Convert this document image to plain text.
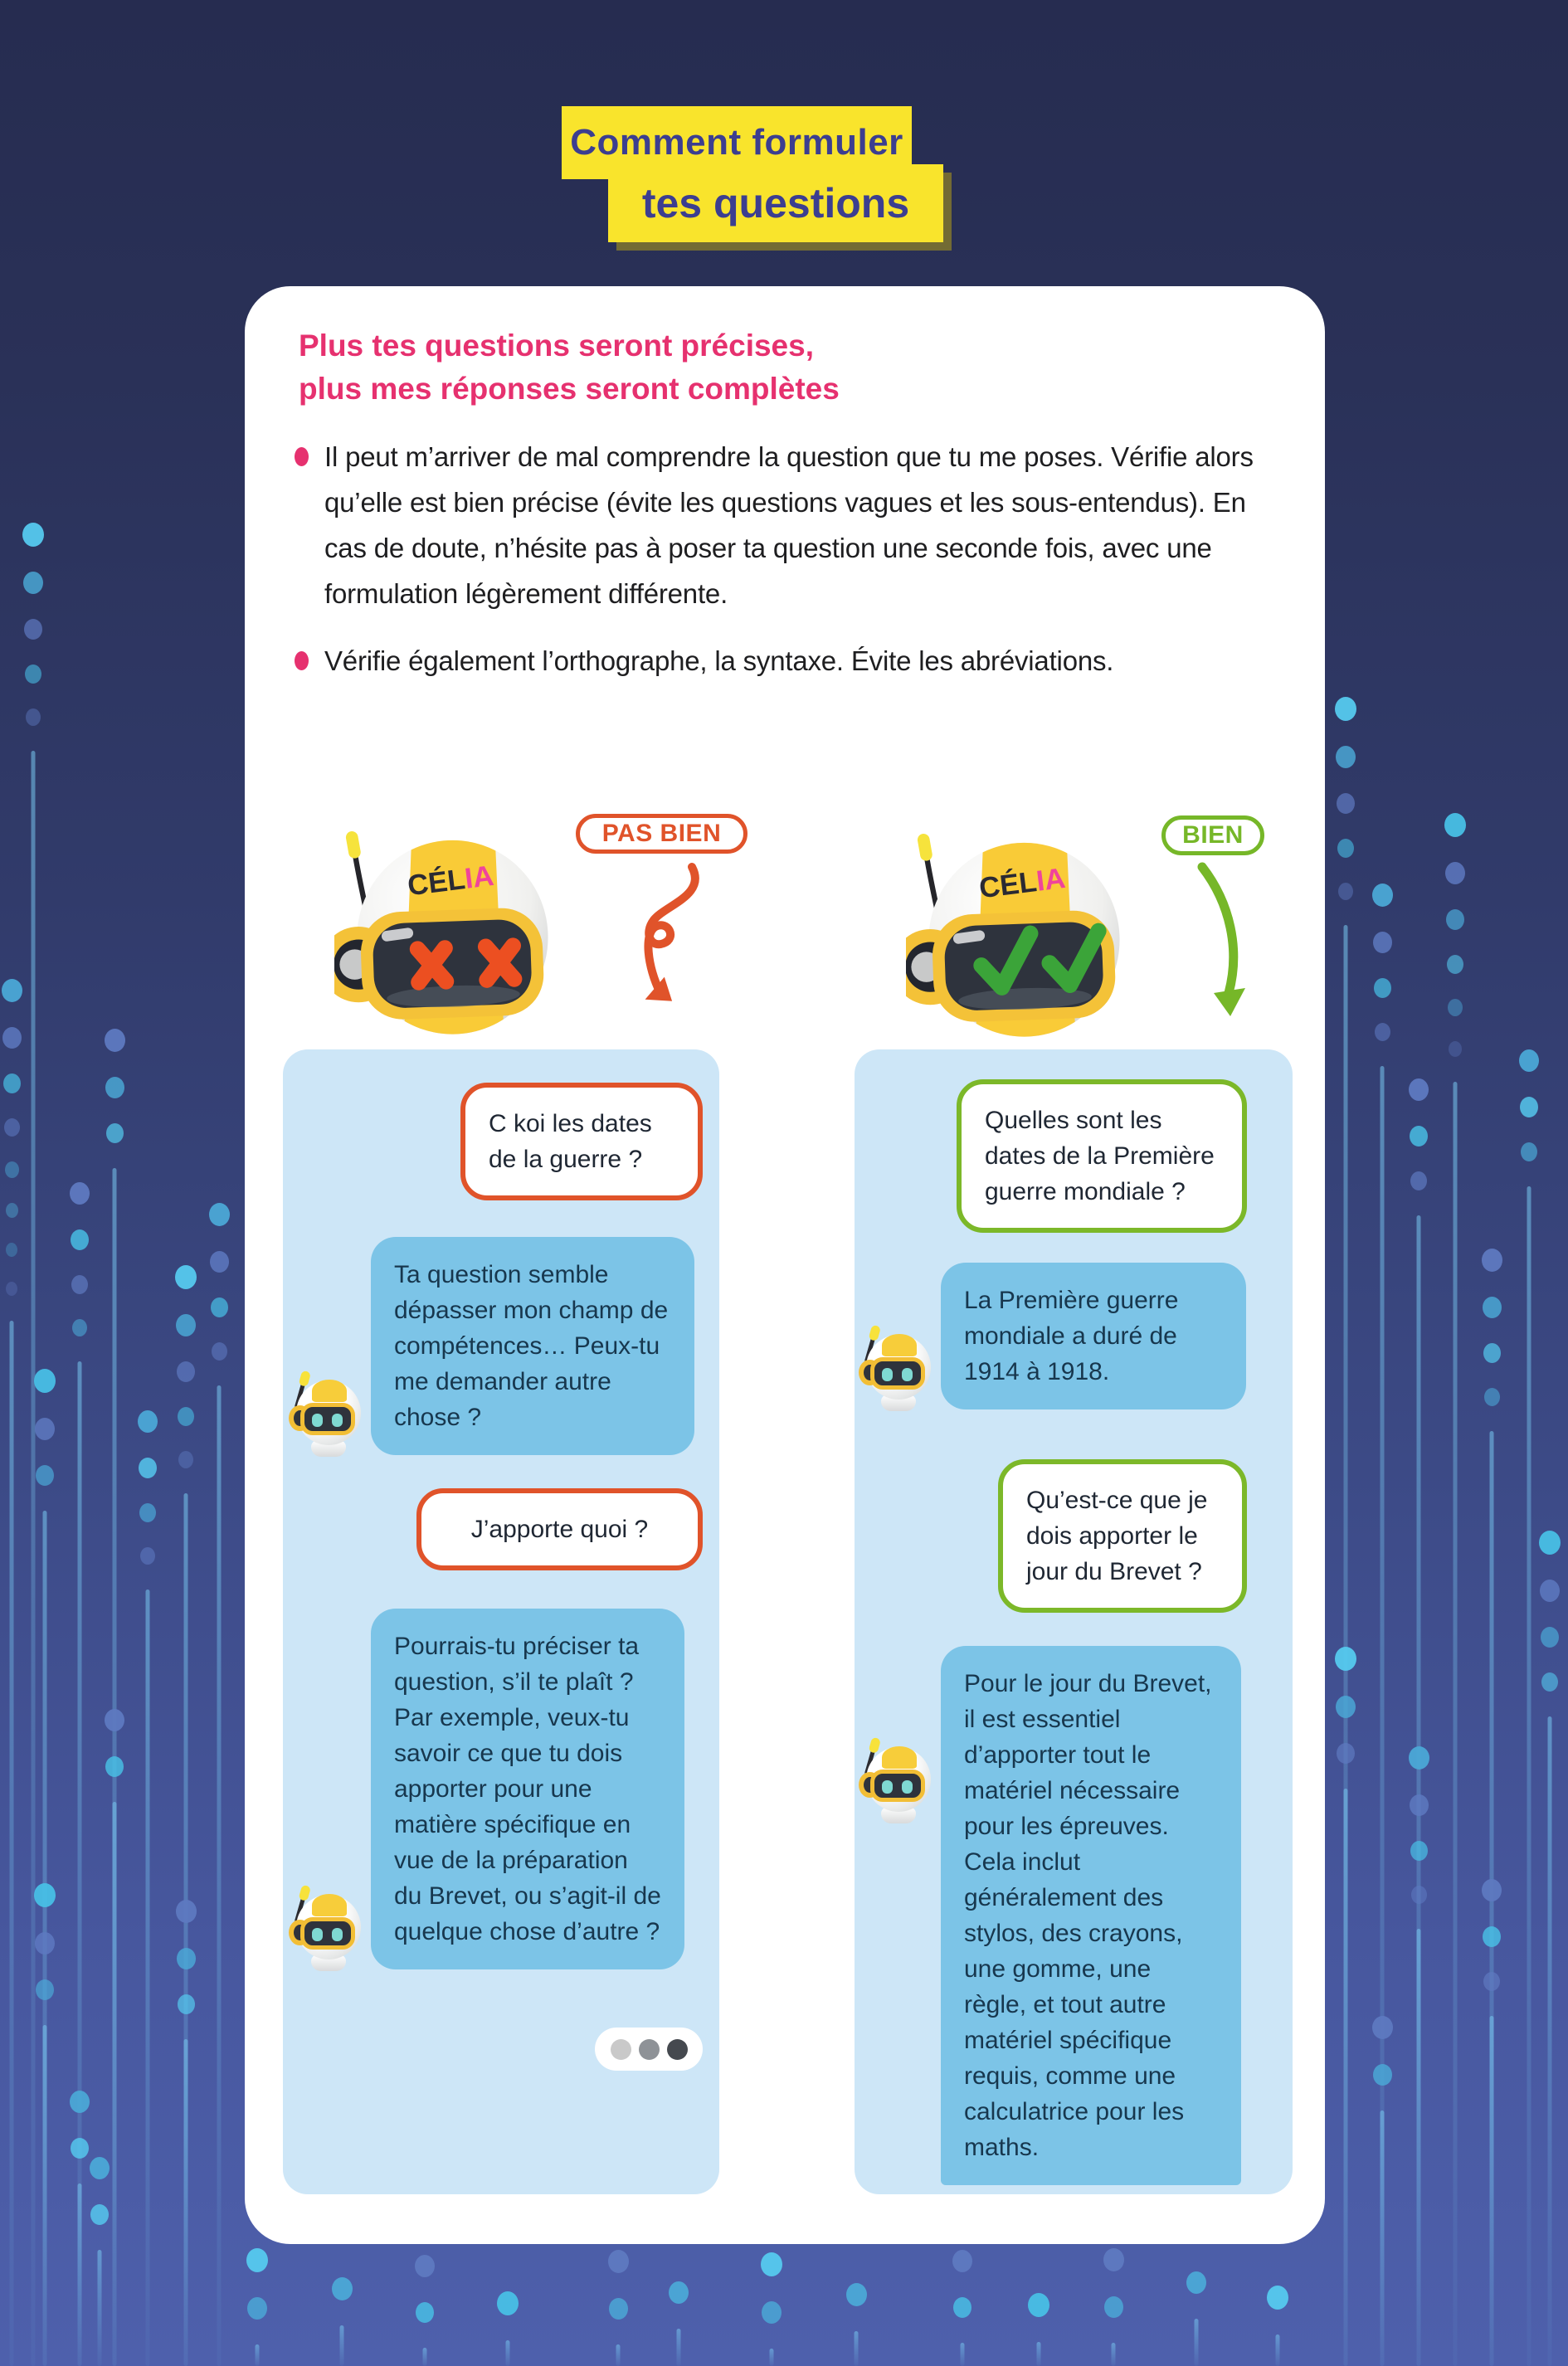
Comment formuler
tes questions
Plus tes questions seront précises,
plus mes réponses seront complètes
Il peut m’arriver de mal comprendre la question que tu me poses. Vérifie alors qu’elle est bien précise (évite les questions vagues et les sous-entendus). En cas de doute, n’hésite pas à poser ta question une seconde fois, avec une formulation légèrement différente.
Vérifie également l’orthographe, la syntaxe. Évite les abréviations.
CÉLIA
PAS BIEN
CÉLIA
BIEN
C koi les dates de la guerre ?
Ta question semble dépasser mon champ de compétences… Peux-tu me demander autre chose ?
J’apporte quoi ?
Pourrais-tu préciser ta question, s’il te plaît ? Par exemple, veux-tu savoir ce que tu dois apporter pour une matière spécifique en vue de la préparation du Brevet, ou s’agit-il de quelque chose d’autre ?
Quelles sont les dates de la Première guerre mondiale ?
La Première guerre mondiale a duré de 1914 à 1918.
Qu’est-ce que je dois apporter le jour du Brevet ?
Pour le jour du Brevet, il est essentiel d’apporter tout le matériel nécessaire pour les épreuves. Cela inclut généralement des stylos, des crayons, une gomme, une règle, et tout autre matériel spécifique requis, comme une calculatrice pour les maths.
